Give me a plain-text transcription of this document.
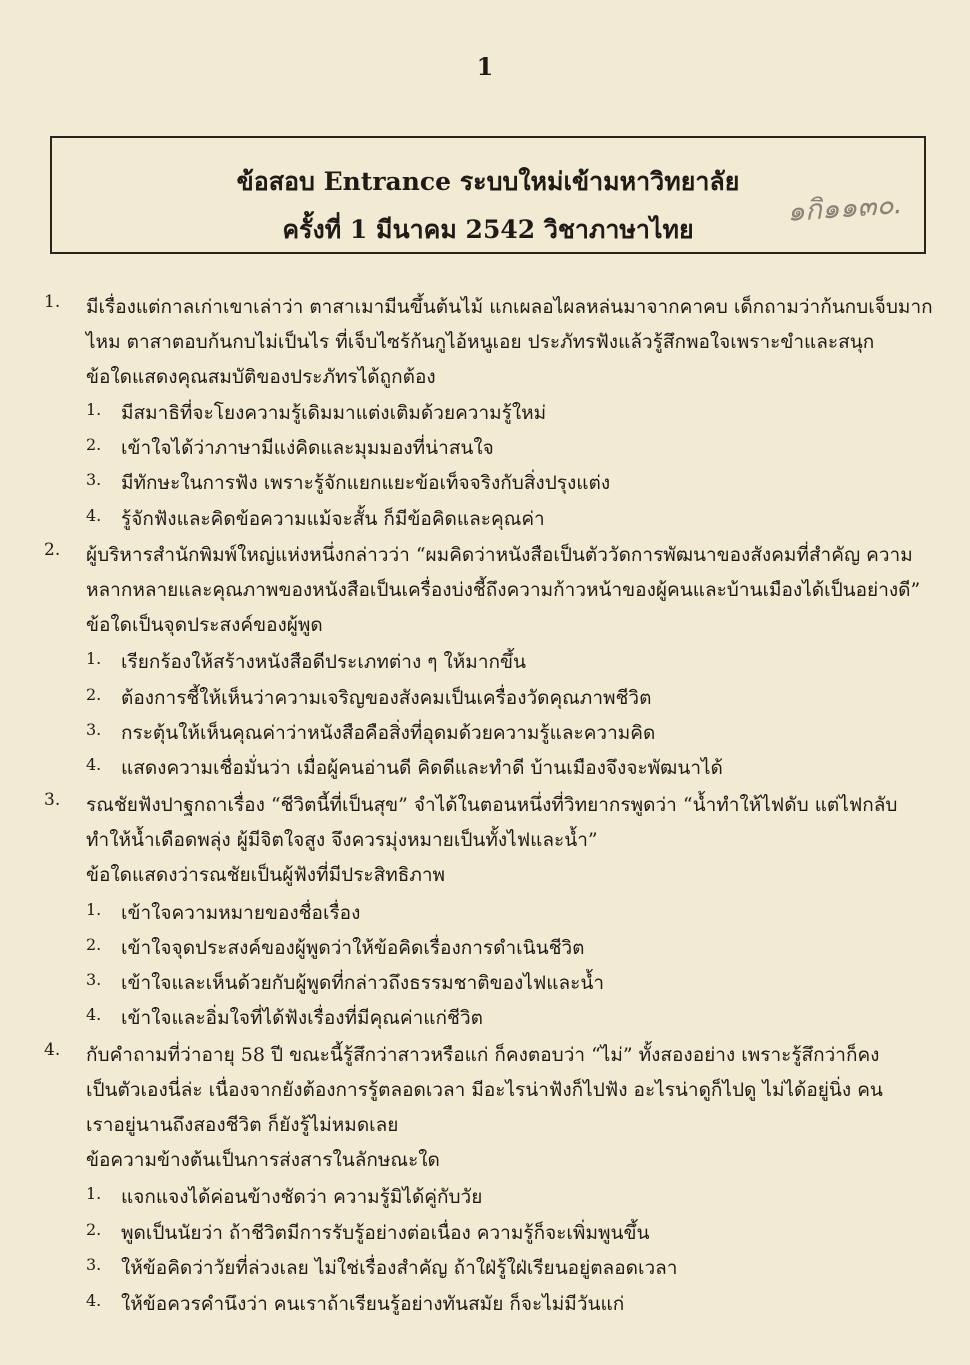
1
ข้อสอบ Entrance ระบบใหม่เข้ามหาวิทยาลัย
ครั้งที่ 1 มีนาคม 2542 วิชาภาษาไทย
๑กิ๑๑๓๐.
1.	มีเรื่องแต่กาลเก่าเขาเล่าว่า ตาสาเมามีนขึ้นต้นไม้ แกเผลอไผลหล่นมาจากคาคบ เด็กถามว่าก้นกบเจ็บมาก
ไหม ตาสาตอบก้นกบไม่เป็นไร ที่เจ็บไซร้ก้นกูไอ้หนูเอย ประภัทรฟังแล้วรู้สึกพอใจเพราะขำและสนุก
ข้อใดแสดงคุณสมบัติของประภัทรได้ถูกต้อง
1. มีสมาธิที่จะโยงความรู้เดิมมาแต่งเติมด้วยความรู้ใหม่
2. เข้าใจได้ว่าภาษามีแง่คิดและมุมมองที่น่าสนใจ
3. มีทักษะในการฟัง เพราะรู้จักแยกแยะข้อเท็จจริงกับสิ่งปรุงแต่ง
4. รู้จักฟังและคิดข้อความแม้จะสั้น ก็มีข้อคิดและคุณค่า
2.	ผู้บริหารสำนักพิมพ์ใหญ่แห่งหนึ่งกล่าวว่า “ผมคิดว่าหนังสือเป็นตัววัดการพัฒนาของสังคมที่สำคัญ ความ
หลากหลายและคุณภาพของหนังสือเป็นเครื่องบ่งชี้ถึงความก้าวหน้าของผู้คนและบ้านเมืองได้เป็นอย่างดี”
ข้อใดเป็นจุดประสงค์ของผู้พูด
1. เรียกร้องให้สร้างหนังสือดีประเภทต่าง ๆ ให้มากขึ้น
2. ต้องการชี้ให้เห็นว่าความเจริญของสังคมเป็นเครื่องวัดคุณภาพชีวิต
3. กระตุ้นให้เห็นคุณค่าว่าหนังสือคือสิ่งที่อุดมด้วยความรู้และความคิด
4. แสดงความเชื่อมั่นว่า เมื่อผู้คนอ่านดี คิดดีและทำดี บ้านเมืองจึงจะพัฒนาได้
3.	รณชัยฟังปาฐกถาเรื่อง “ชีวิตนี้ที่เป็นสุข” จำได้ในตอนหนึ่งที่วิทยากรพูดว่า “น้ำทำให้ไฟดับ แต่ไฟกลับ
ทำให้น้ำเดือดพลุ่ง ผู้มีจิตใจสูง จึงควรมุ่งหมายเป็นทั้งไฟและน้ำ”
ข้อใดแสดงว่ารณชัยเป็นผู้ฟังที่มีประสิทธิภาพ
1. เข้าใจความหมายของชื่อเรื่อง
2. เข้าใจจุดประสงค์ของผู้พูดว่าให้ข้อคิดเรื่องการดำเนินชีวิต
3. เข้าใจและเห็นด้วยกับผู้พูดที่กล่าวถึงธรรมชาติของไฟและน้ำ
4. เข้าใจและอิ่มใจที่ได้ฟังเรื่องที่มีคุณค่าแก่ชีวิต
4.	กับคำถามที่ว่าอายุ 58 ปี ขณะนี้รู้สึกว่าสาวหรือแก่ ก็คงตอบว่า “ไม่” ทั้งสองอย่าง เพราะรู้สึกว่าก็คง
เป็นตัวเองนี่ล่ะ เนื่องจากยังต้องการรู้ตลอดเวลา มีอะไรน่าฟังก็ไปฟัง อะไรน่าดูก็ไปดู ไม่ได้อยู่นิ่ง คน
เราอยู่นานถึงสองชีวิต ก็ยังรู้ไม่หมดเลย
ข้อความข้างต้นเป็นการส่งสารในลักษณะใด
1. แจกแจงได้ค่อนข้างชัดว่า ความรู้มิได้คู่กับวัย
2. พูดเป็นนัยว่า ถ้าชีวิตมีการรับรู้อย่างต่อเนื่อง ความรู้ก็จะเพิ่มพูนขึ้น
3. ให้ข้อคิดว่าวัยที่ล่วงเลย ไม่ใช่เรื่องสำคัญ ถ้าใฝ่รู้ใฝ่เรียนอยู่ตลอดเวลา
4. ให้ข้อควรคำนึงว่า คนเราถ้าเรียนรู้อย่างทันสมัย ก็จะไม่มีวันแก่
